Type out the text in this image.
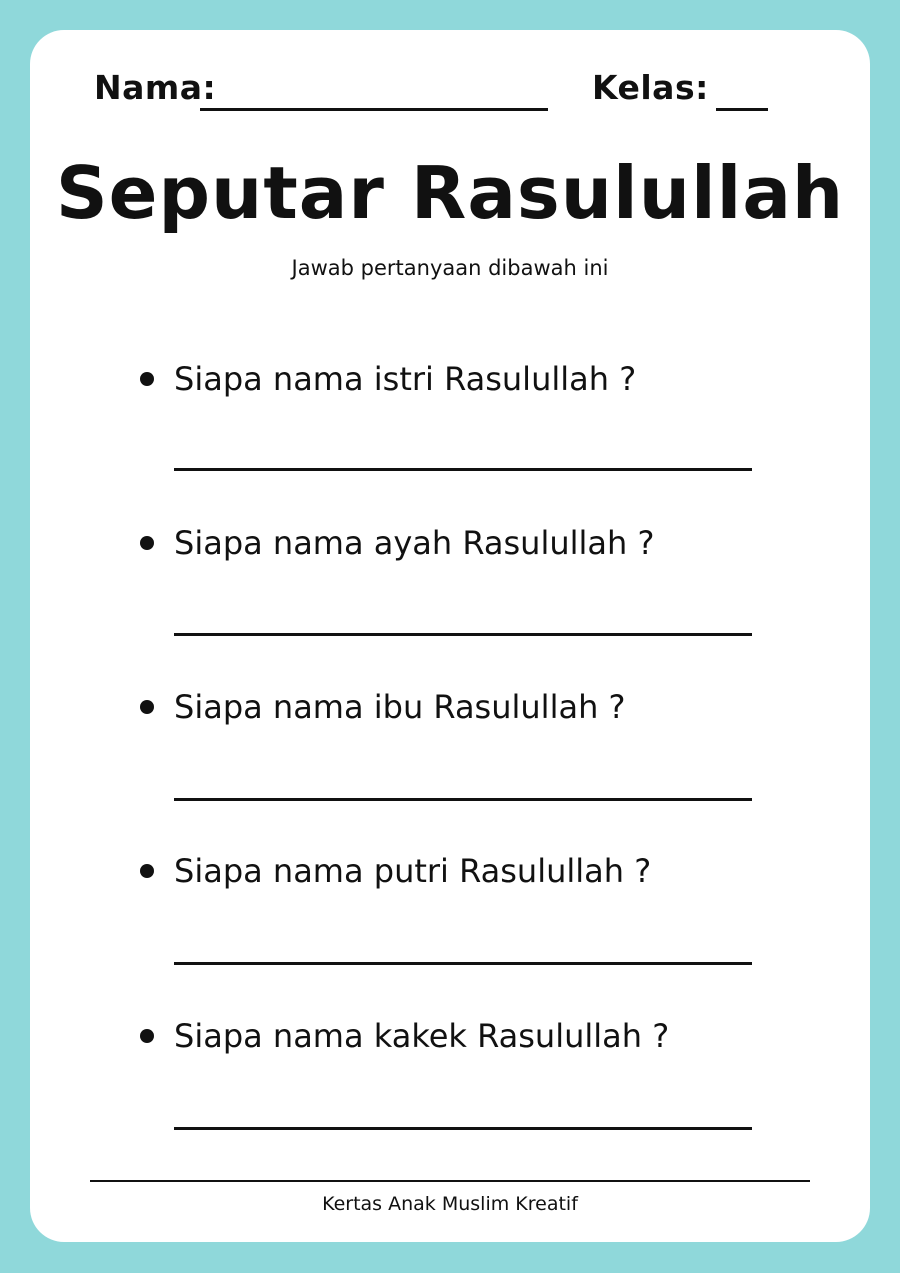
Nama:	Kelas:
Seputar Rasulullah
Jawab pertanyaan dibawah ini
Siapa nama istri Rasulullah ?
Siapa nama ayah Rasulullah ?
Siapa nama ibu Rasulullah ?
Siapa nama putri Rasulullah ?
Siapa nama kakek Rasulullah ?
Kertas Anak Muslim Kreatif
